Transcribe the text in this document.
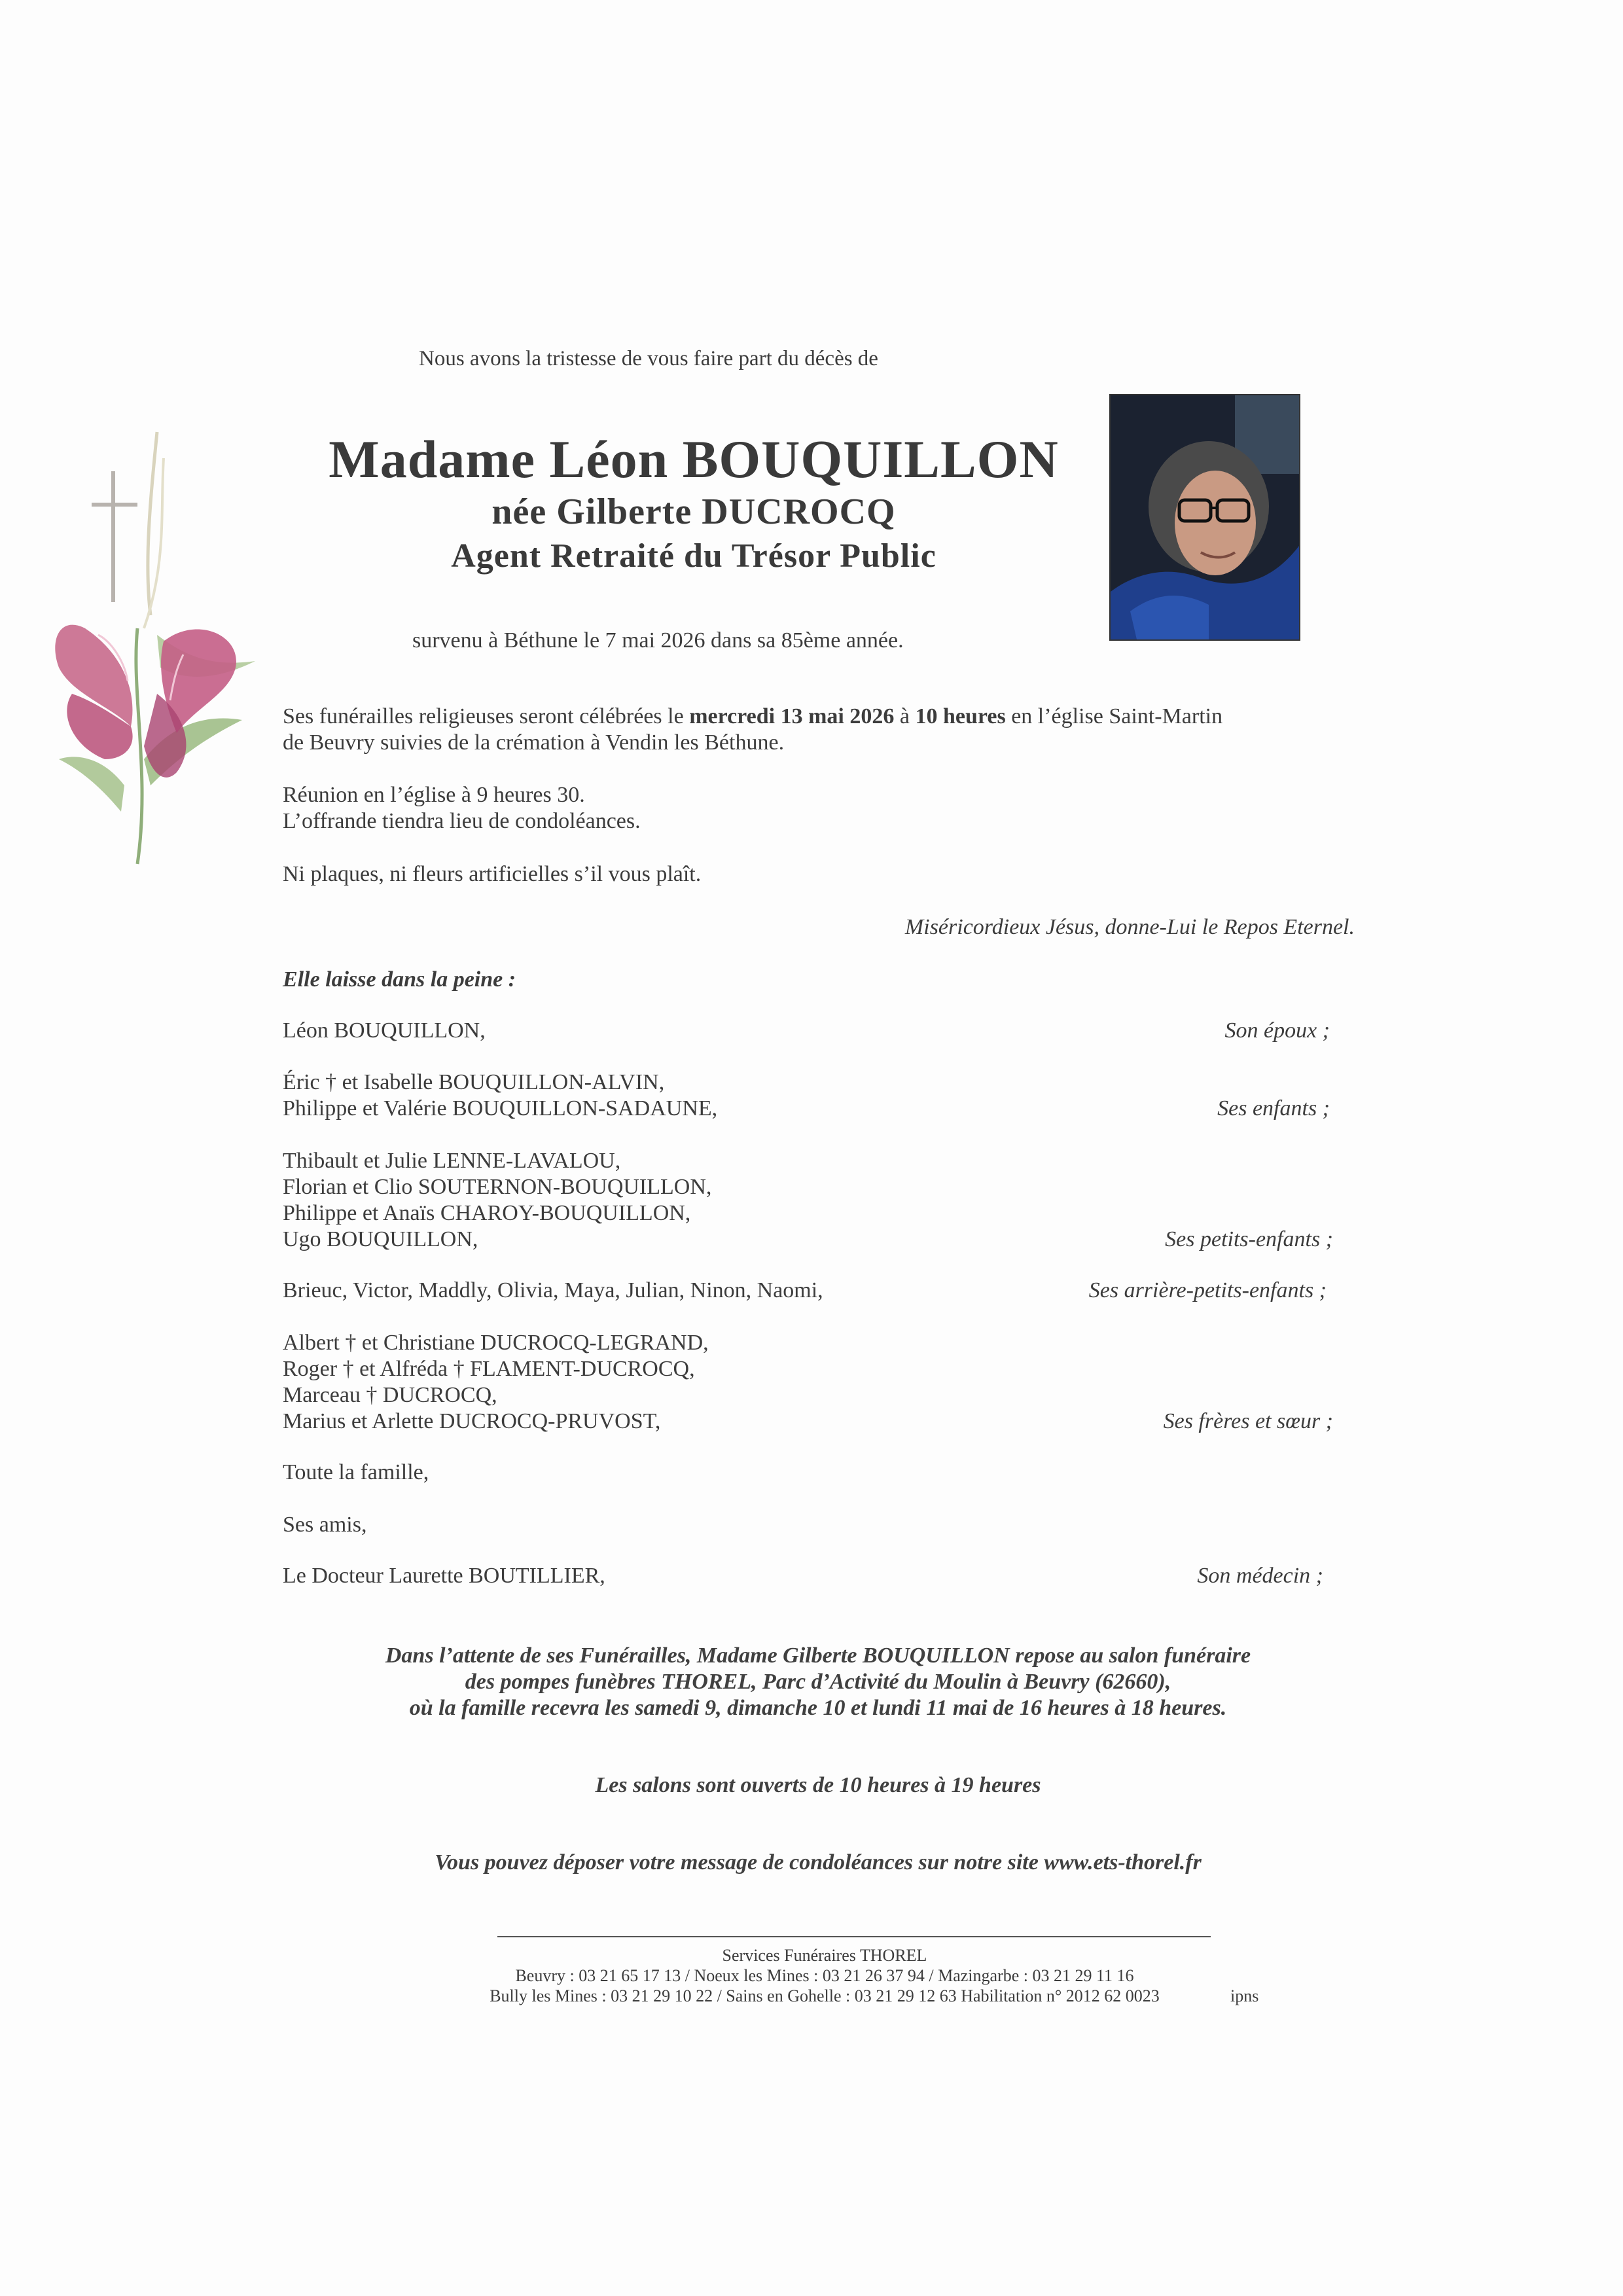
Nous avons la tristesse de vous faire part du décès de
Madame Léon BOUQUILLON
née Gilberte DUCROCQ
Agent Retraité du Trésor Public
survenu à Béthune le 7 mai 2026 dans sa 85ème année.
Ses funérailles religieuses seront célébrées le mercredi 13 mai 2026 à 10 heures en l’église Saint-Martin
de Beuvry suivies de la crémation à Vendin les Béthune.
Réunion en l’église à 9 heures 30.
L’offrande tiendra lieu de condoléances.
Ni plaques, ni fleurs artificielles s’il vous plaît.
Miséricordieux Jésus, donne-Lui le Repos Eternel.
Elle laisse dans la peine :
Léon BOUQUILLON,	Son époux ;
Éric † et Isabelle BOUQUILLON-ALVIN,
Philippe et Valérie BOUQUILLON-SADAUNE,	Ses enfants ;
Thibault et Julie LENNE-LAVALOU,
Florian et Clio SOUTERNON-BOUQUILLON,
Philippe et Anaïs CHAROY-BOUQUILLON,
Ugo BOUQUILLON,	Ses petits-enfants ;
Brieuc, Victor, Maddly, Olivia, Maya, Julian, Ninon, Naomi,	Ses arrière-petits-enfants ;
Albert † et Christiane DUCROCQ-LEGRAND,
Roger † et Alfréda † FLAMENT-DUCROCQ,
Marceau † DUCROCQ,
Marius et Arlette DUCROCQ-PRUVOST,	Ses frères et sœur ;
Toute la famille,
Ses amis,
Le Docteur Laurette BOUTILLIER,	Son médecin ;
Dans l’attente de ses Funérailles, Madame Gilberte BOUQUILLON repose au salon funéraire
des pompes funèbres THOREL, Parc d’Activité du Moulin à Beuvry (62660),
où la famille recevra les samedi 9, dimanche 10 et lundi 11 mai de 16 heures à 18 heures.
Les salons sont ouverts de 10 heures à 19 heures
Vous pouvez déposer votre message de condoléances sur notre site www.ets-thorel.fr
Services Funéraires THOREL
Beuvry : 03 21 65 17 13 / Noeux les Mines : 03 21 26 37 94 / Mazingarbe : 03 21 29 11 16
Bully les Mines : 03 21 29 10 22 / Sains en Gohelle : 03 21 29 12 63 Habilitation n° 2012 62 0023	ipns
